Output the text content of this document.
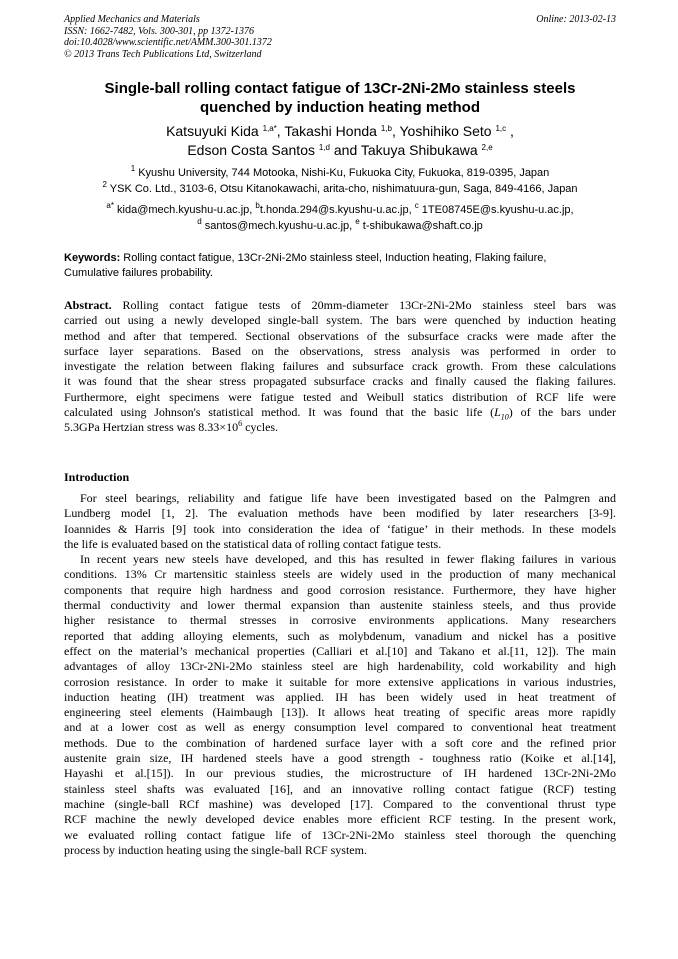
Applied Mechanics and Materials
ISSN: 1662-7482, Vols. 300-301, pp 1372-1376
doi:10.4028/www.scientific.net/AMM.300-301.1372
© 2013 Trans Tech Publications Ltd, Switzerland
Online: 2013-02-13
Single-ball rolling contact fatigue of 13Cr-2Ni-2Mo stainless steels
quenched by induction heating method
Katsuyuki Kida $^{1,a*}$, Takashi Honda $^{1,b}$, Yoshihiko Seto $^{1,c}$ ,
Edson Costa Santos $^{1,d}$ and Takuya Shibukawa $^{2,e}$
$^1$ Kyushu University, 744 Motooka, Nishi-Ku, Fukuoka City, Fukuoka, 819-0395, Japan
$^2$ YSK Co. Ltd., 3103-6, Otsu Kitanokawachi, arita-cho, nishimatuura-gun, Saga, 849-4166, Japan
$^{a*}$ kida@mech.kyushu-u.ac.jp, $^b$t.honda.294@s.kyushu-u.ac.jp, $^c$ 1TE08745E@s.kyushu-u.ac.jp,
$^d$ santos@mech.kyushu-u.ac.jp, $^e$ t-shibukawa@shaft.co.jp
Keywords: Rolling contact fatigue, 13Cr-2Ni-2Mo stainless steel, Induction heating, Flaking failure,
Cumulative failures probability.
Abstract. Rolling contact fatigue tests of 20mm-diameter 13Cr-2Ni-2Mo stainless steel bars was
carried out using a newly developed single-ball system. The bars were quenched by induction heating
method and after that tempered. Sectional observations of the subsurface cracks were made after the
surface layer separations. Based on the observations, stress analysis was performed in order to
investigate the relation between flaking failures and subsurface crack growth. From these calculations
it was found that the shear stress propagated subsurface cracks and finally caused the flaking failures.
Furthermore, eight specimens were fatigue tested and Weibull statics distribution of RCF life were
calculated using Johnson's statistical method. It was found that the basic life $(L_{10})$ of the bars under
5.3GPa Hertzian stress was $8.33\times 10^6$ cycles.
Introduction
For steel bearings, reliability and fatigue life have been investigated based on the Palmgren and
Lundberg model [1, 2]. The evaluation methods have been modified by later researchers [3-9].
Ioannides & Harris [9] took into consideration the idea of ‘fatigue’ in their methods. In these models
the life is evaluated based on the statistical data of rolling contact fatigue tests.
In recent years new steels have developed, and this has resulted in fewer flaking failures in various
conditions. 13% Cr martensitic stainless steels are widely used in the production of many mechanical
components that require high hardness and good corrosion resistance. Furthermore, they have higher
thermal conductivity and lower thermal expansion than austenite stainless steels, and thus provide
higher resistance to thermal stresses in corrosive environments applications. Many researchers
reported that adding alloying elements, such as molybdenum, vanadium and nickel has a positive
effect on the material’s mechanical properties (Calliari et al.[10] and Takano et al.[11, 12]). The main
advantages of alloy 13Cr-2Ni-2Mo stainless steel are high hardenability, cold workability and high
corrosion resistance. In order to make it suitable for more extensive applications in various industries,
induction heating (IH) treatment was applied. IH has been widely used in heat treatment of
engineering steel elements (Haimbaugh [13]). It allows heat treating of specific areas more rapidly
and at a lower cost as well as energy consumption level compared to conventional heat treatment
methods. Due to the combination of hardened surface layer with a soft core and the refined prior
austenite grain size, IH hardened steels have a good strength - toughness ratio (Koike et al.[14],
Hayashi et al.[15]). In our previous studies, the microstructure of IH hardened 13Cr-2Ni-2Mo
stainless steel shafts was evaluated [16], and an innovative rolling contact fatigue (RCF) testing
machine (single-ball RCf mashine) was developed [17]. Compared to the conventional thrust type
RCF machine the newly developed device enables more efficient RCF testing. In the present work,
we evaluated rolling contact fatigue life of 13Cr-2Ni-2Mo stainless steel thorough the quenching
process by induction heating using the single-ball RCF system.
